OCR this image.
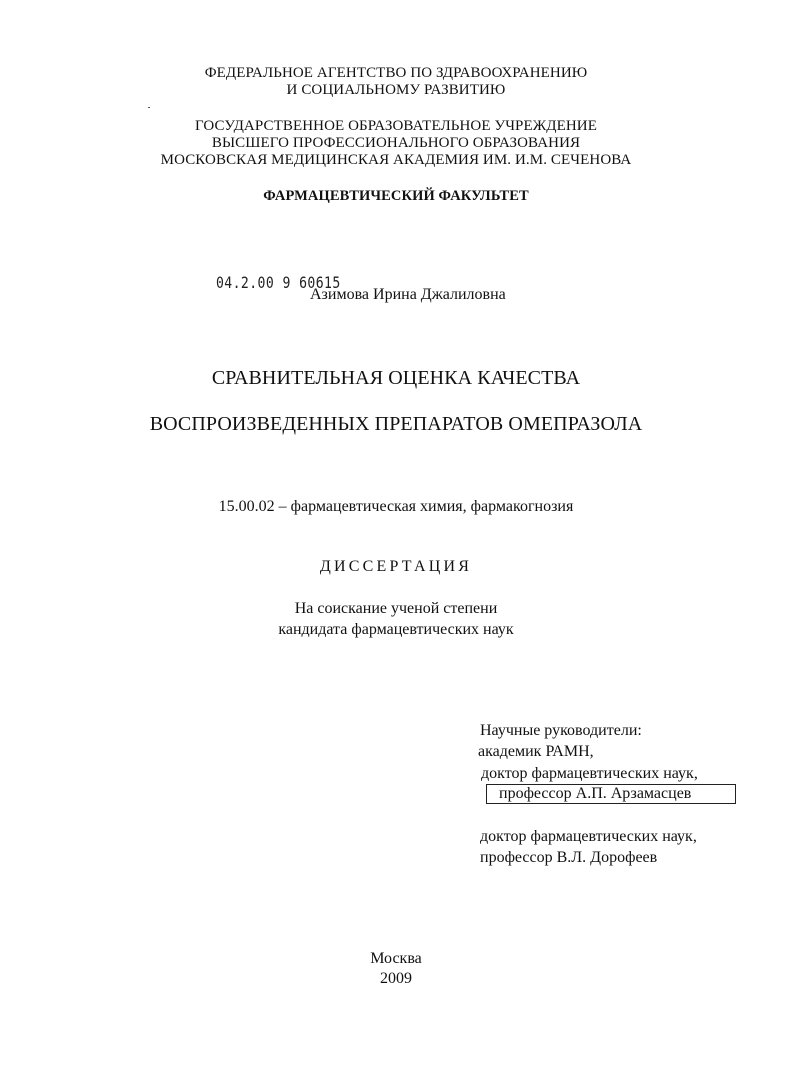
ФЕДЕРАЛЬНОЕ АГЕНТСТВО ПО ЗДРАВООХРАНЕНИЮ
И СОЦИАЛЬНОМУ РАЗВИТИЮ
ГОСУДАРСТВЕННОЕ ОБРАЗОВАТЕЛЬНОЕ УЧРЕЖДЕНИЕ
ВЫСШЕГО ПРОФЕССИОНАЛЬНОГО ОБРАЗОВАНИЯ
МОСКОВСКАЯ МЕДИЦИНСКАЯ АКАДЕМИЯ ИМ. И.М. СЕЧЕНОВА
ФАРМАЦЕВТИЧЕСКИЙ ФАКУЛЬТЕТ
04.2.00 9 60615
Азимова Ирина Джалиловна
СРАВНИТЕЛЬНАЯ ОЦЕНКА КАЧЕСТВА
ВОСПРОИЗВЕДЕННЫХ ПРЕПАРАТОВ ОМЕПРАЗОЛА
15.00.02 – фармацевтическая химия, фармакогнозия
ДИССЕРТАЦИЯ
На соискание ученой степени
кандидата фармацевтических наук
Научные руководители:
академик РАМН,
доктор фармацевтических наук,
профессор А.П. Арзамасцев
доктор фармацевтических наук,
профессор В.Л. Дорофеев
Москва
2009
